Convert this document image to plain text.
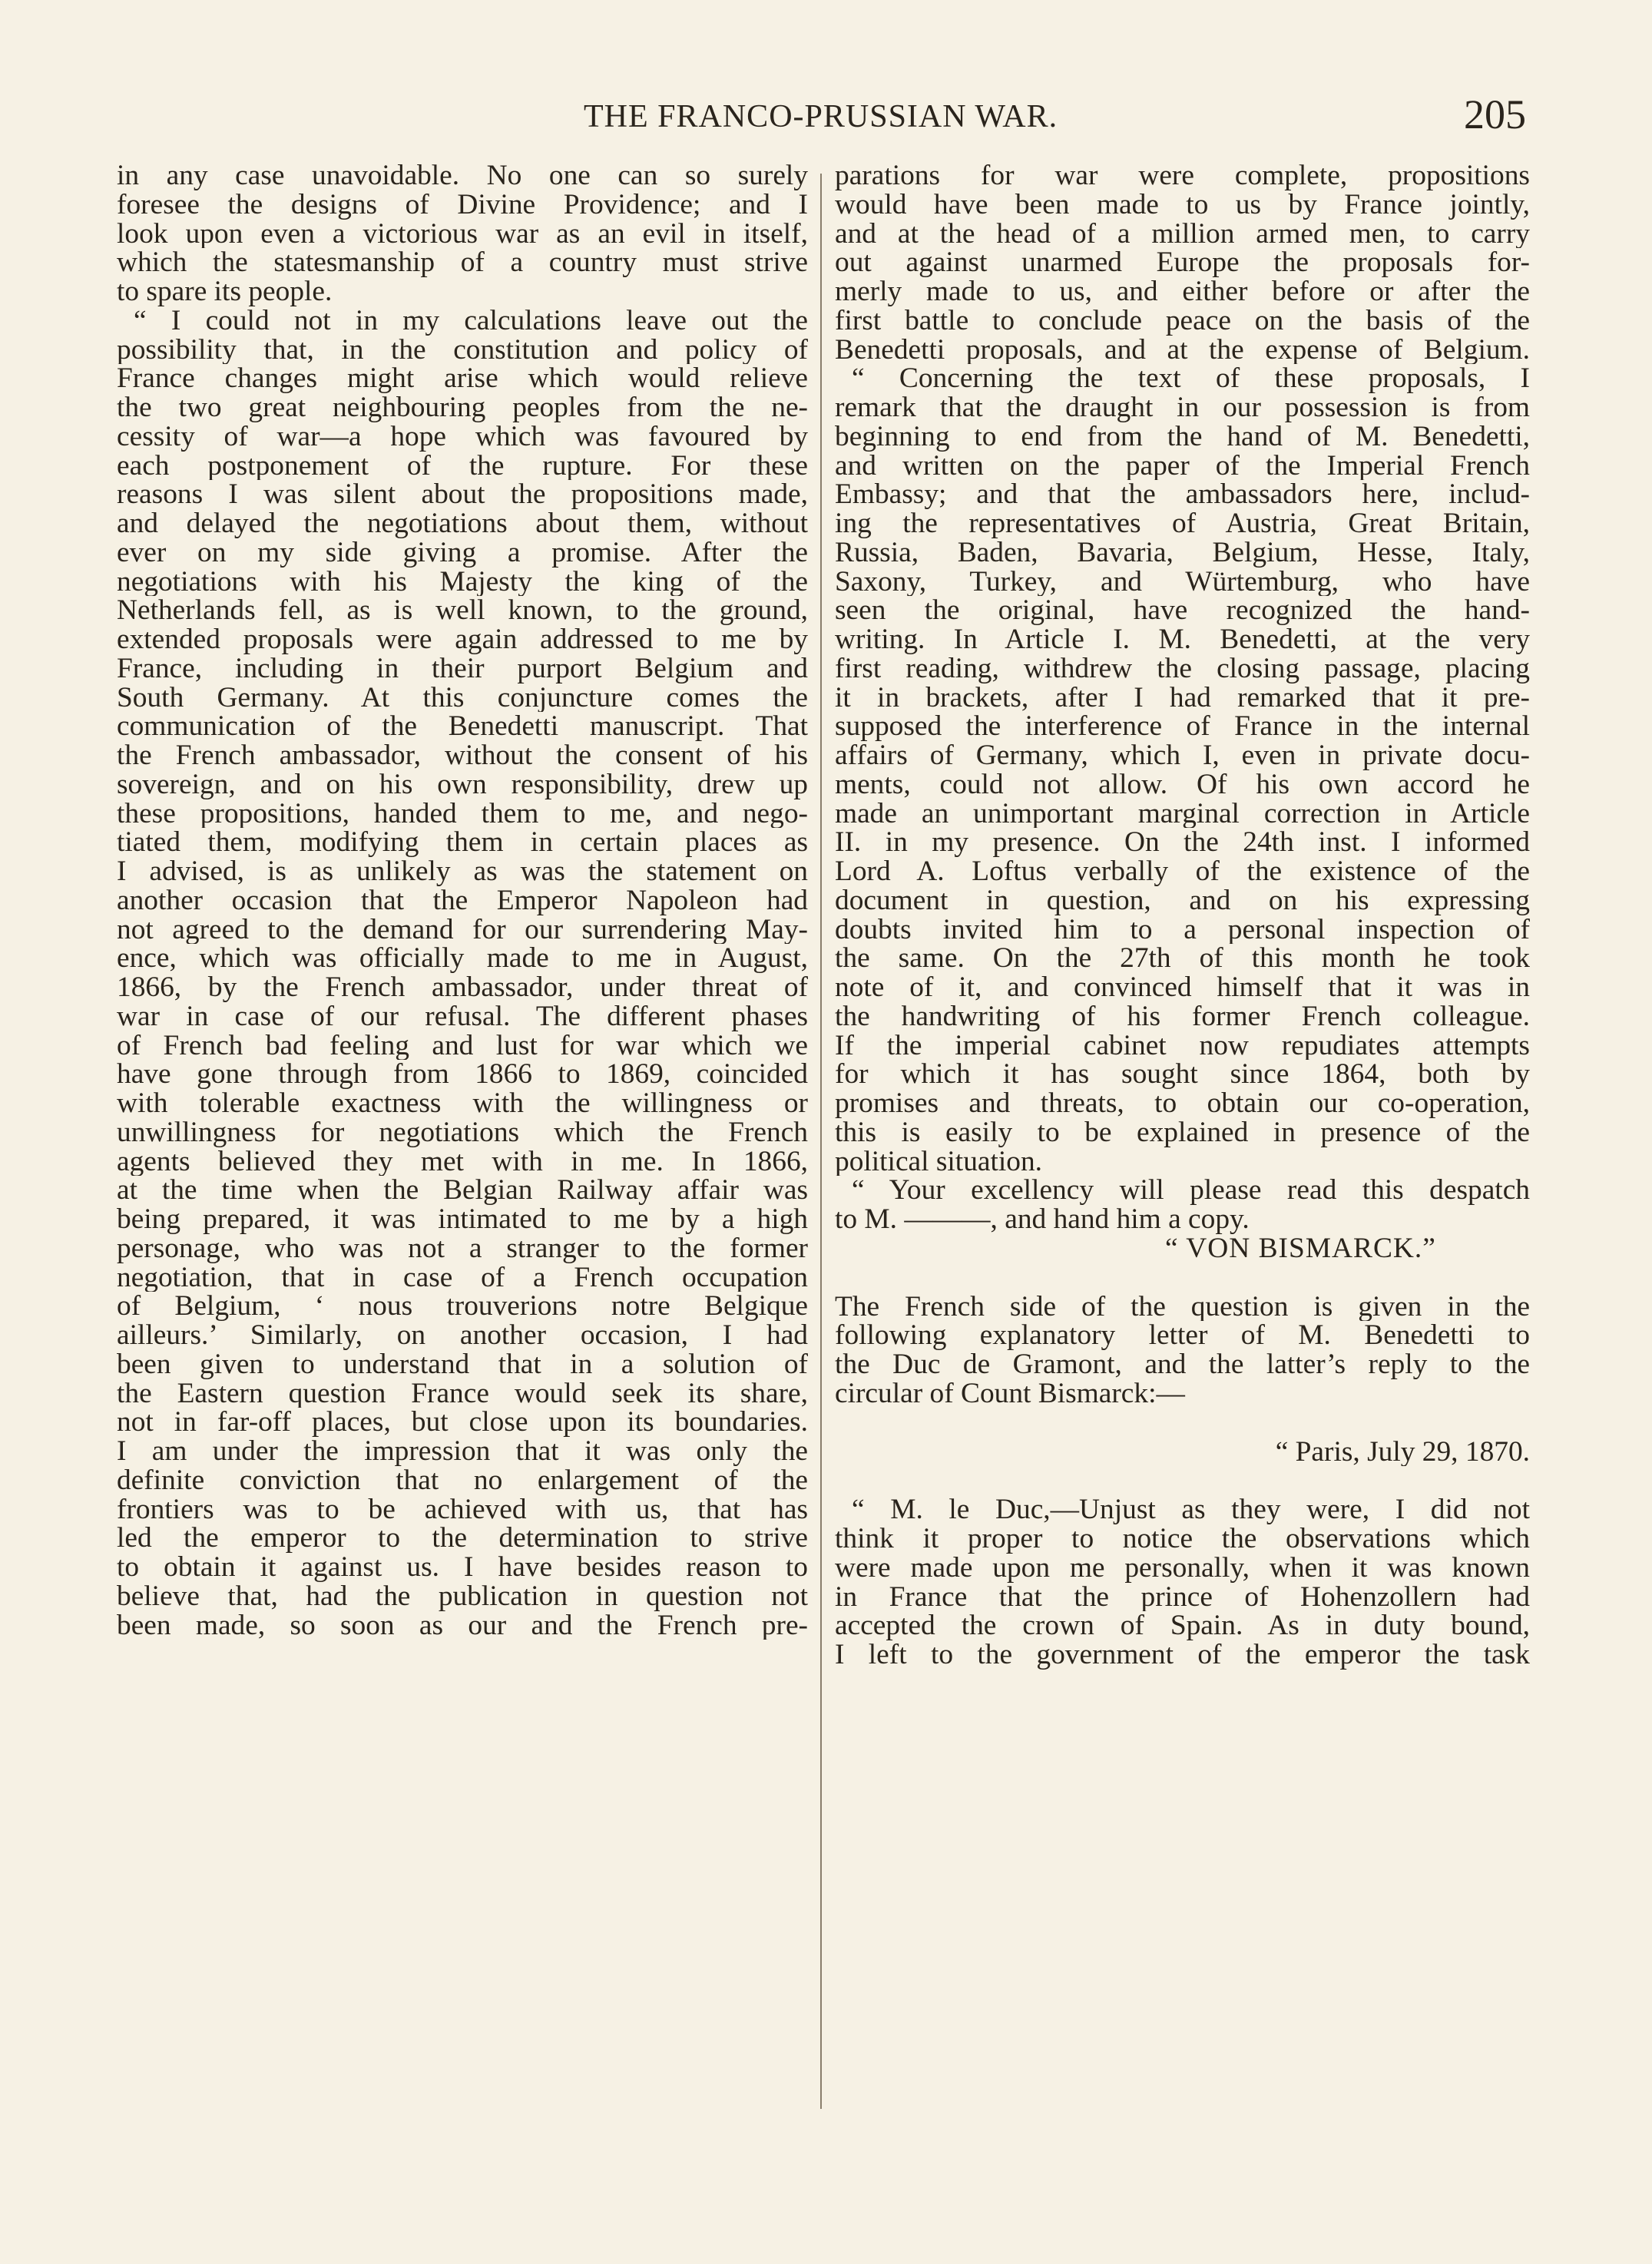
THE FRANCO-PRUSSIAN WAR.	205
in any case unavoidable. No one can so surely
foresee the designs of Divine Providence; and I
look upon even a victorious war as an evil in itself,
which the statesmanship of a country must strive
to spare its people.
“ I could not in my calculations leave out the
possibility that, in the constitution and policy of
France changes might arise which would relieve
the two great neighbouring peoples from the ne-
cessity of war—a hope which was favoured by
each postponement of the rupture. For these
reasons I was silent about the propositions made,
and delayed the negotiations about them, without
ever on my side giving a promise. After the
negotiations with his Majesty the king of the
Netherlands fell, as is well known, to the ground,
extended proposals were again addressed to me by
France, including in their purport Belgium and
South Germany. At this conjuncture comes the
communication of the Benedetti manuscript. That
the French ambassador, without the consent of his
sovereign, and on his own responsibility, drew up
these propositions, handed them to me, and nego-
tiated them, modifying them in certain places as
I advised, is as unlikely as was the statement on
another occasion that the Emperor Napoleon had
not agreed to the demand for our surrendering May-
ence, which was officially made to me in August,
1866, by the French ambassador, under threat of
war in case of our refusal. The different phases
of French bad feeling and lust for war which we
have gone through from 1866 to 1869, coincided
with tolerable exactness with the willingness or
unwillingness for negotiations which the French
agents believed they met with in me. In 1866,
at the time when the Belgian Railway affair was
being prepared, it was intimated to me by a high
personage, who was not a stranger to the former
negotiation, that in case of a French occupation
of Belgium, ‘ nous trouverions notre Belgique
ailleurs.’ Similarly, on another occasion, I had
been given to understand that in a solution of
the Eastern question France would seek its share,
not in far-off places, but close upon its boundaries.
I am under the impression that it was only the
definite conviction that no enlargement of the
frontiers was to be achieved with us, that has
led the emperor to the determination to strive
to obtain it against us. I have besides reason to
believe that, had the publication in question not
been made, so soon as our and the French pre-
parations for war were complete, propositions
would have been made to us by France jointly,
and at the head of a million armed men, to carry
out against unarmed Europe the proposals for-
merly made to us, and either before or after the
first battle to conclude peace on the basis of the
Benedetti proposals, and at the expense of Belgium.
“ Concerning the text of these proposals, I
remark that the draught in our possession is from
beginning to end from the hand of M. Benedetti,
and written on the paper of the Imperial French
Embassy; and that the ambassadors here, includ-
ing the representatives of Austria, Great Britain,
Russia, Baden, Bavaria, Belgium, Hesse, Italy,
Saxony, Turkey, and Würtemburg, who have
seen the original, have recognized the hand-
writing. In Article I. M. Benedetti, at the very
first reading, withdrew the closing passage, placing
it in brackets, after I had remarked that it pre-
supposed the interference of France in the internal
affairs of Germany, which I, even in private docu-
ments, could not allow. Of his own accord he
made an unimportant marginal correction in Article
II. in my presence. On the 24th inst. I informed
Lord A. Loftus verbally of the existence of the
document in question, and on his expressing
doubts invited him to a personal inspection of
the same. On the 27th of this month he took
note of it, and convinced himself that it was in
the handwriting of his former French colleague.
If the imperial cabinet now repudiates attempts
for which it has sought since 1864, both by
promises and threats, to obtain our co-operation,
this is easily to be explained in presence of the
political situation.
“ Your excellency will please read this despatch
to M. ———, and hand him a copy.
“ VON BISMARCK.”
The French side of the question is given in the
following explanatory letter of M. Benedetti to
the Duc de Gramont, and the latter’s reply to the
circular of Count Bismarck:—
“ Paris, July 29, 1870.
“ M. le Duc,—Unjust as they were, I did not
think it proper to notice the observations which
were made upon me personally, when it was known
in France that the prince of Hohenzollern had
accepted the crown of Spain. As in duty bound,
I left to the government of the emperor the task
